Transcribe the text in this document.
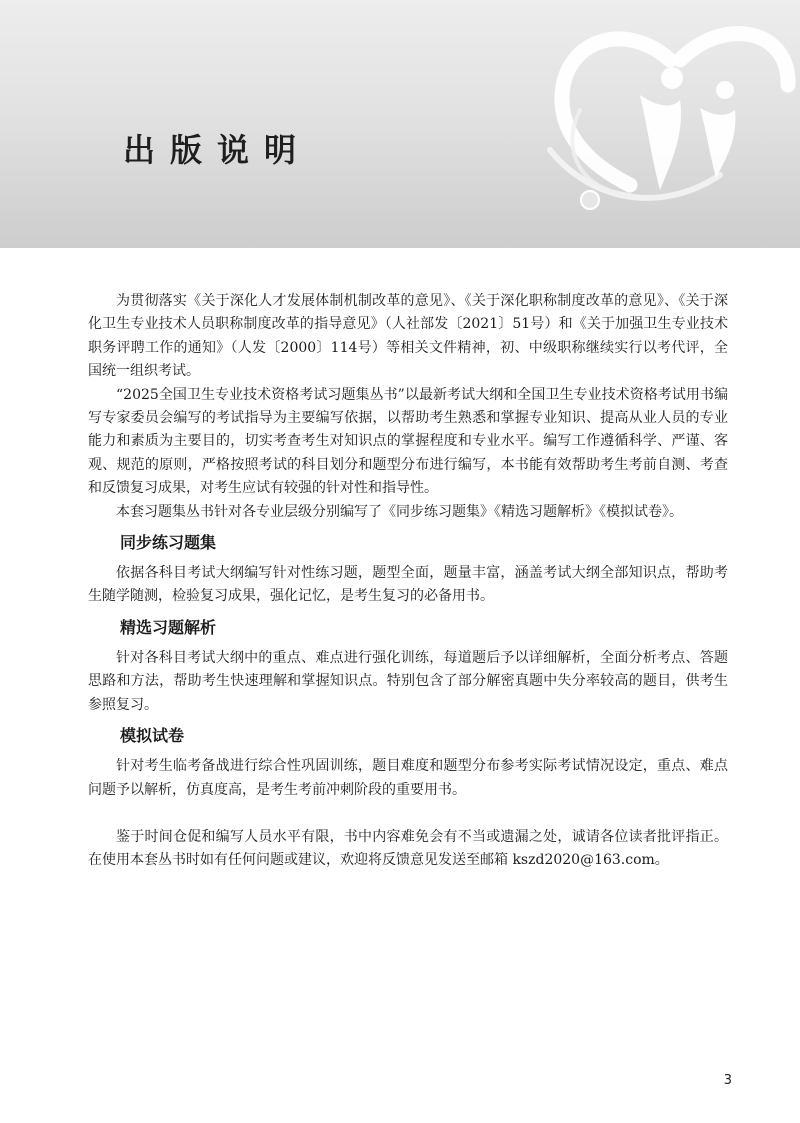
出版说明

为贯彻落实《关于深化人才发展体制机制改革的意见》、《关于深化职称制度改革的意见》、《关于深化卫生专业技术人员职称制度改革的指导意见》（人社部发〔2021〕51号）和《关于加强卫生专业技术职务评聘工作的通知》（人发〔2000〕114号）等相关文件精神，初、中级职称继续实行以考代评，全国统一组织考试。

“2025全国卫生专业技术资格考试习题集丛书”以最新考试大纲和全国卫生专业技术资格考试用书编写专家委员会编写的考试指导为主要编写依据，以帮助考生熟悉和掌握专业知识、提高从业人员的专业能力和素质为主要目的，切实考查考生对知识点的掌握程度和专业水平。编写工作遵循科学、严谨、客观、规范的原则，严格按照考试的科目划分和题型分布进行编写，本书能有效帮助考生考前自测、考查和反馈复习成果，对考生应试有较强的针对性和指导性。

本套习题集丛书针对各专业层级分别编写了《同步练习题集》《精选习题解析》《模拟试卷》。

同步练习题集

依据各科目考试大纲编写针对性练习题，题型全面，题量丰富，涵盖考试大纲全部知识点，帮助考生随学随测，检验复习成果，强化记忆，是考生复习的必备用书。

精选习题解析

针对各科目考试大纲中的重点、难点进行强化训练，每道题后予以详细解析，全面分析考点、答题思路和方法，帮助考生快速理解和掌握知识点。特别包含了部分解密真题中失分率较高的题目，供考生参照复习。

模拟试卷

针对考生临考备战进行综合性巩固训练，题目难度和题型分布参考实际考试情况设定，重点、难点问题予以解析，仿真度高，是考生考前冲刺阶段的重要用书。

鉴于时间仓促和编写人员水平有限，书中内容难免会有不当或遗漏之处，诚请各位读者批评指正。在使用本套丛书时如有任何问题或建议，欢迎将反馈意见发送至邮箱 kszd2020@163.com。

3
